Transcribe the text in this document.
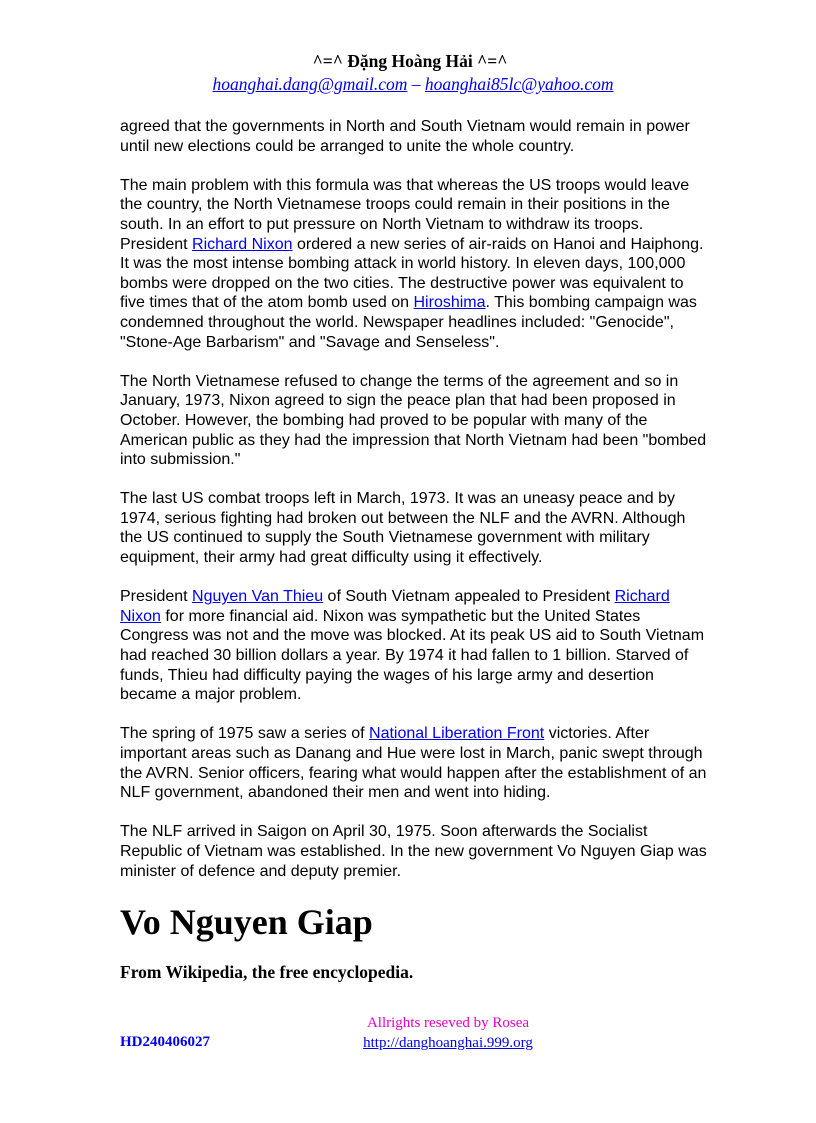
^=^ Đặng Hoàng Hải ^=^
hoanghai.dang@gmail.com – hoanghai85lc@yahoo.com

agreed that the governments in North and South Vietnam would remain in power until new elections could be arranged to unite the whole country.

The main problem with this formula was that whereas the US troops would leave the country, the North Vietnamese troops could remain in their positions in the south. In an effort to put pressure on North Vietnam to withdraw its troops. President Richard Nixon ordered a new series of air-raids on Hanoi and Haiphong. It was the most intense bombing attack in world history. In eleven days, 100,000 bombs were dropped on the two cities. The destructive power was equivalent to five times that of the atom bomb used on Hiroshima. This bombing campaign was condemned throughout the world. Newspaper headlines included: "Genocide", "Stone-Age Barbarism" and "Savage and Senseless".

The North Vietnamese refused to change the terms of the agreement and so in January, 1973, Nixon agreed to sign the peace plan that had been proposed in October. However, the bombing had proved to be popular with many of the American public as they had the impression that North Vietnam had been "bombed into submission."

The last US combat troops left in March, 1973. It was an uneasy peace and by 1974, serious fighting had broken out between the NLF and the AVRN. Although the US continued to supply the South Vietnamese government with military equipment, their army had great difficulty using it effectively.

President Nguyen Van Thieu of South Vietnam appealed to President Richard Nixon for more financial aid. Nixon was sympathetic but the United States Congress was not and the move was blocked. At its peak US aid to South Vietnam had reached 30 billion dollars a year. By 1974 it had fallen to 1 billion. Starved of funds, Thieu had difficulty paying the wages of his large army and desertion became a major problem.

The spring of 1975 saw a series of National Liberation Front victories. After important areas such as Danang and Hue were lost in March, panic swept through the AVRN. Senior officers, fearing what would happen after the establishment of an NLF government, abandoned their men and went into hiding.

The NLF arrived in Saigon on April 30, 1975. Soon afterwards the Socialist Republic of Vietnam was established. In the new government Vo Nguyen Giap was minister of defence and deputy premier.

Vo Nguyen Giap
From Wikipedia, the free encyclopedia.
HD240406027
Allrights reseved by Rosea
http://danghoanghai.999.org
